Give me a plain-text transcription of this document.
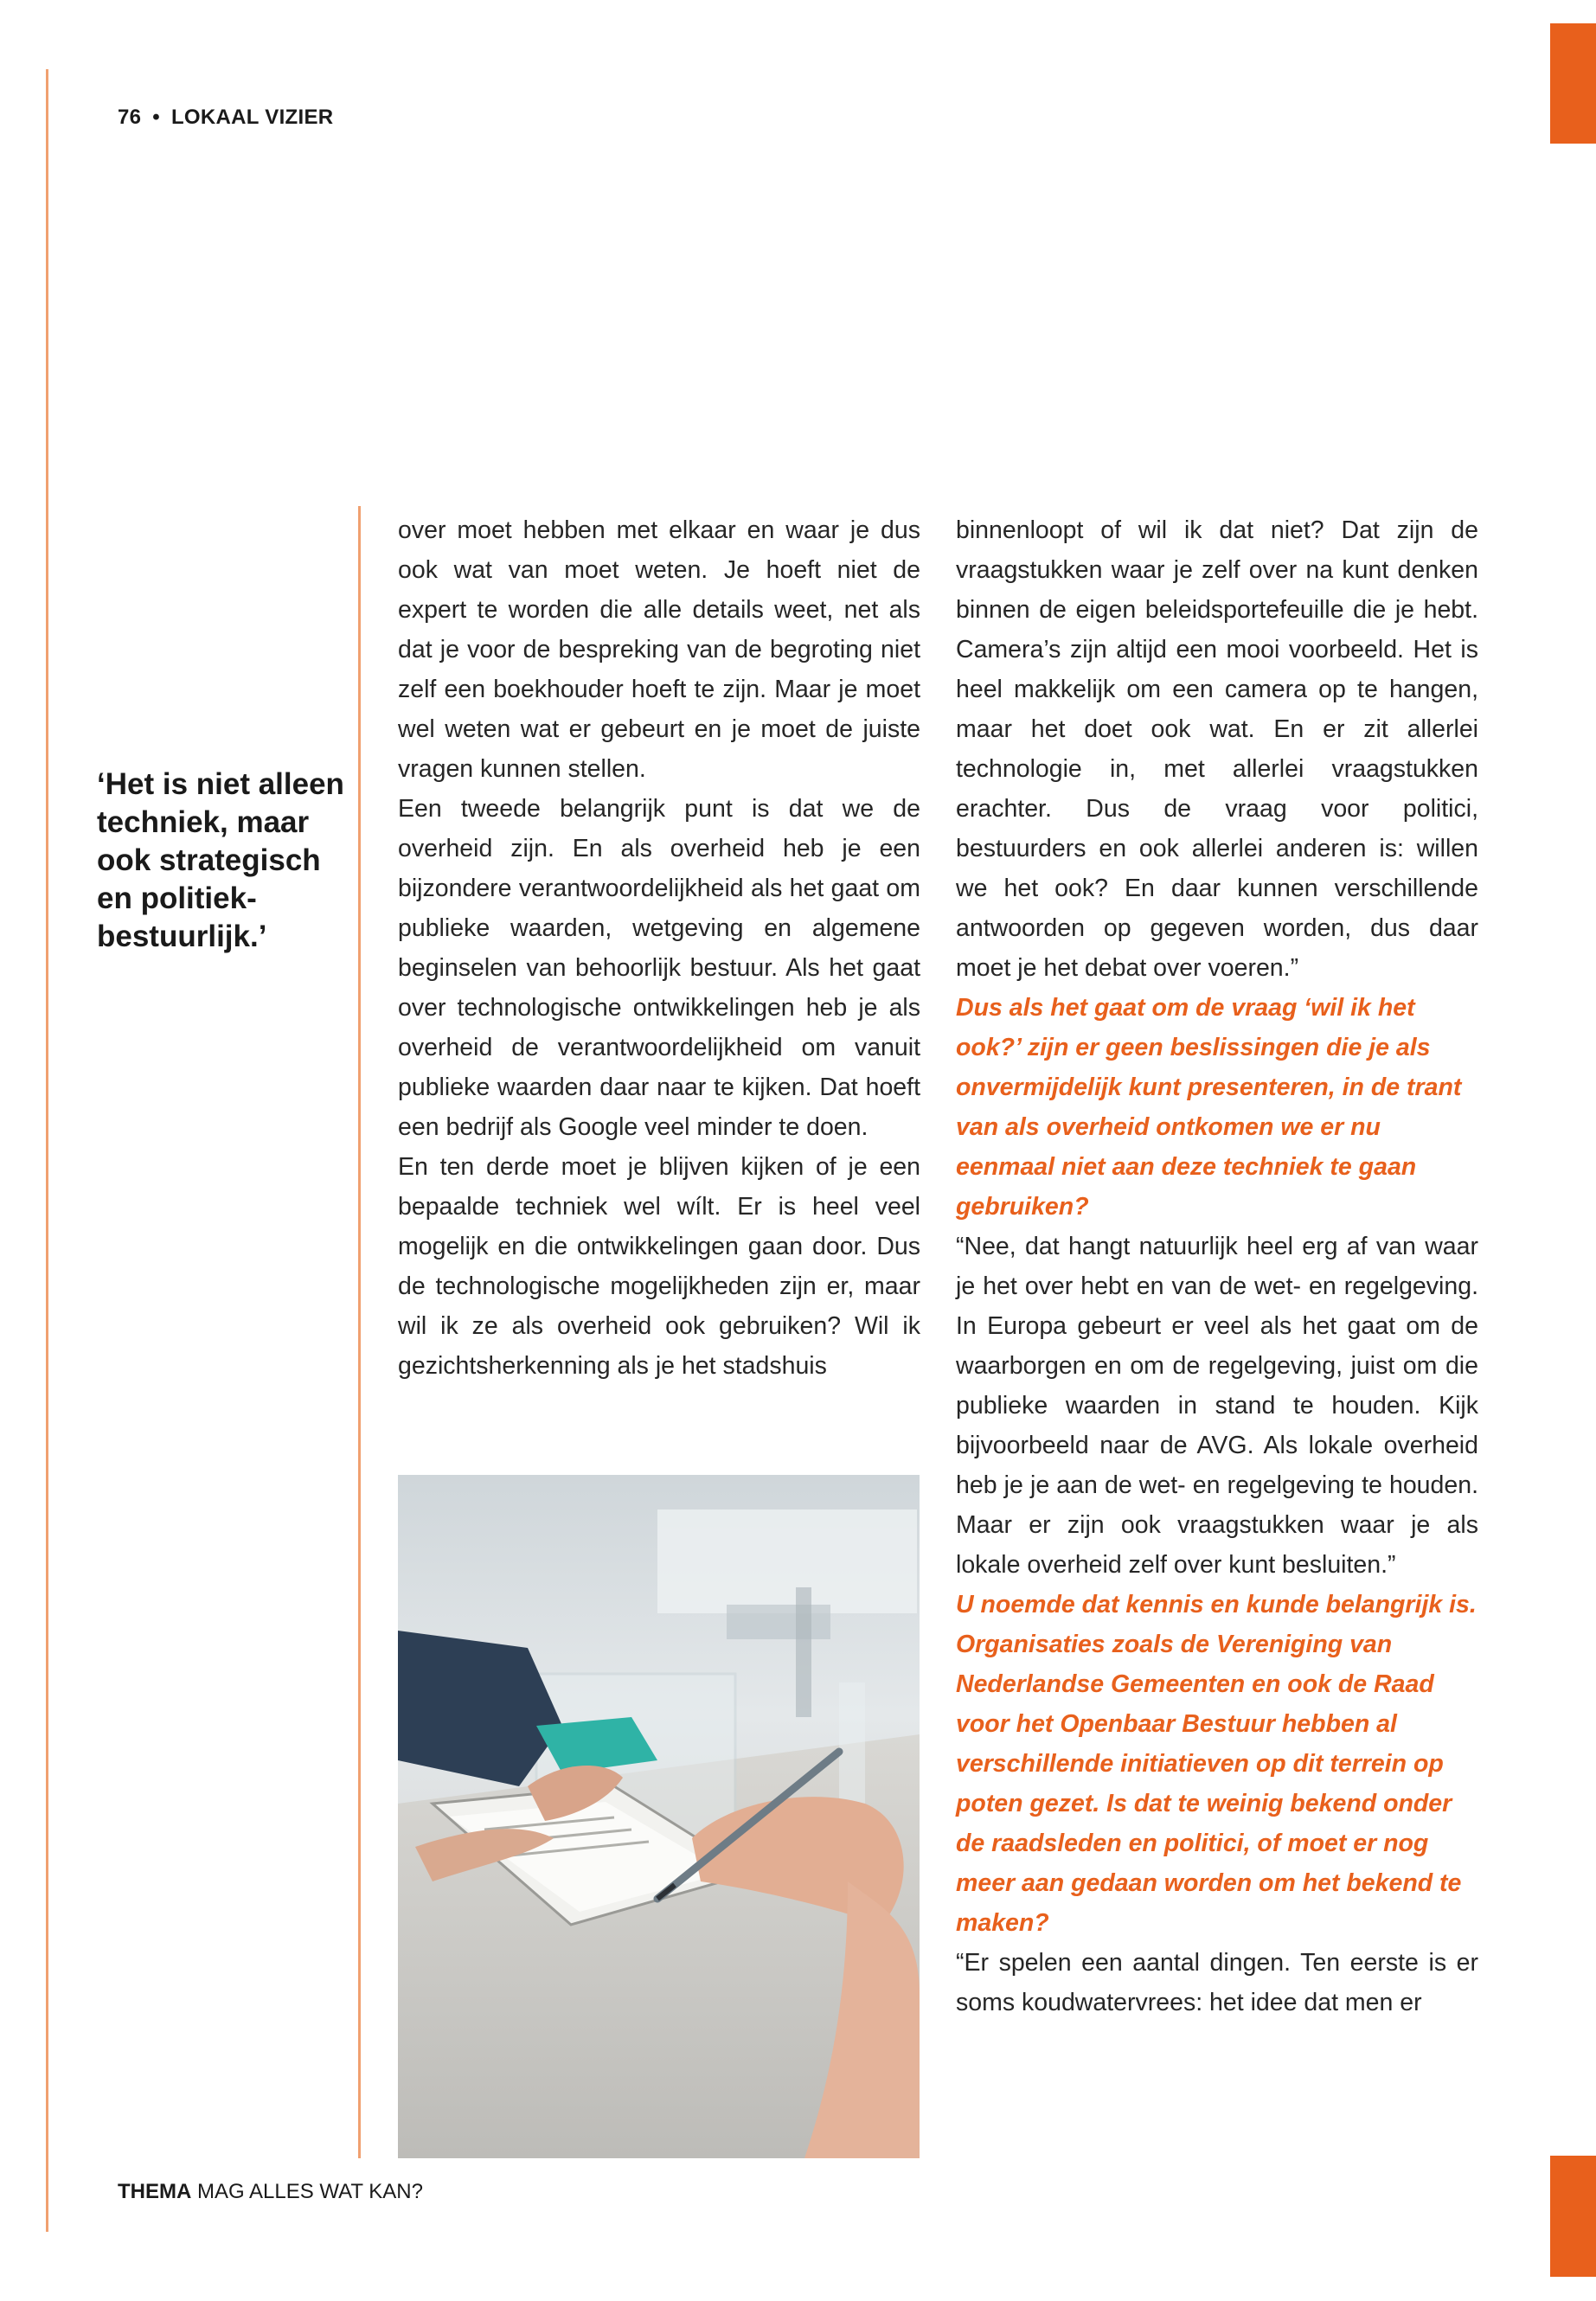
76 • LOKAAL VIZIER
‘Het is niet alleen techniek, maar ook strategisch en politiek-bestuurlijk.’

over moet hebben met elkaar en waar je dus ook wat van moet weten. Je hoeft niet de expert te worden die alle details weet, net als dat je voor de bespreking van de begroting niet zelf een boekhouder hoeft te zijn. Maar je moet wel weten wat er gebeurt en je moet de juiste vragen kunnen stellen.

Een tweede belangrijk punt is dat we de overheid zijn. En als overheid heb je een bijzondere verantwoordelijkheid als het gaat om publieke waarden, wetgeving en algemene beginselen van behoorlijk bestuur. Als het gaat over technologische ontwikkelingen heb je als overheid de verantwoordelijkheid om vanuit publieke waarden daar naar te kijken. Dat hoeft een bedrijf als Google veel minder te doen.

En ten derde moet je blijven kijken of je een bepaalde techniek wel wílt. Er is heel veel mogelijk en die ontwikkelingen gaan door. Dus de technologische mogelijkheden zijn er, maar wil ik ze als overheid ook gebruiken? Wil ik gezichtsherkenning als je het stadshuis

binnenloopt of wil ik dat niet? Dat zijn de vraagstukken waar je zelf over na kunt denken binnen de eigen beleidsportefeuille die je hebt. Camera’s zijn altijd een mooi voorbeeld. Het is heel makkelijk om een camera op te hangen, maar het doet ook wat. En er zit allerlei technologie in, met allerlei vraagstukken erachter. Dus de vraag voor politici, bestuurders en ook allerlei anderen is: willen we het ook? En daar kunnen verschillende antwoorden op gegeven worden, dus daar moet je het debat over voeren.”

Dus als het gaat om de vraag ‘wil ik het ook?’ zijn er geen beslissingen die je als onvermijdelijk kunt presenteren, in de trant van als overheid ontkomen we er nu eenmaal niet aan deze techniek te gaan gebruiken?

“Nee, dat hangt natuurlijk heel erg af van waar je het over hebt en van de wet- en regelgeving. In Europa gebeurt er veel als het gaat om de waarborgen en om de regelgeving, juist om die publieke waarden in stand te houden. Kijk bijvoorbeeld naar de AVG. Als lokale overheid heb je je aan de wet- en regelgeving te houden. Maar er zijn ook vraagstukken waar je als lokale overheid zelf over kunt besluiten.”

U noemde dat kennis en kunde belangrijk is. Organisaties zoals de Vereniging van Nederlandse Gemeenten en ook de Raad voor het Openbaar Bestuur hebben al verschillende initiatieven op dit terrein op poten gezet. Is dat te weinig bekend onder de raadsleden en politici, of moet er nog meer aan gedaan worden om het bekend te maken?

“Er spelen een aantal dingen. Ten eerste is er soms koudwatervrees: het idee dat men er

THEMA MAG ALLES WAT KAN?
